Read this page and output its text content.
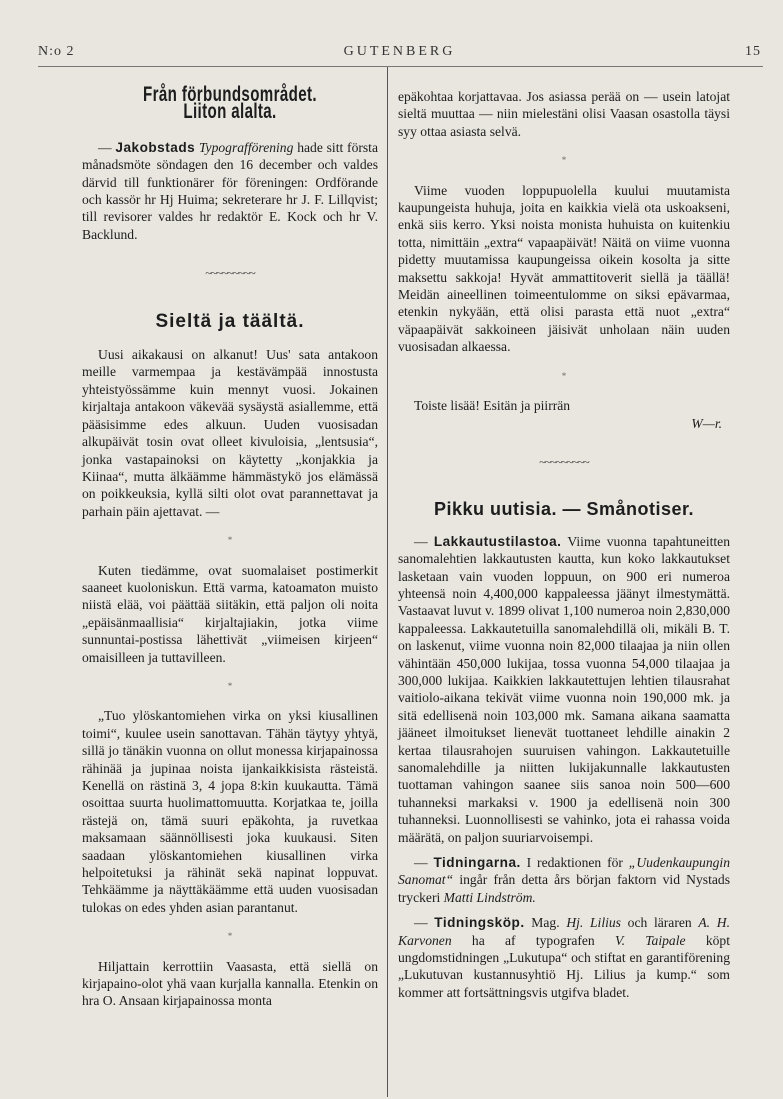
N:o 2	GUTENBERG	15
Från förbundsområdet. Liiton alalta.

— Jakobstads Typografförening hade sitt första månadsmöte söndagen den 16 december och valdes därvid till funktionärer för föreningen: Ordförande och kassör hr Hj Huima; sekreterare hr J. F. Lillqvist; till revisorer valdes hr redaktör E. Kock och hr V. Backlund.

~~~~~~~~~
Sieltä ja täältä.

Uusi aikakausi on alkanut! Uus' sata antakoon meille varmempaa ja kestävämpää innostusta yhteistyössämme kuin mennyt vuosi. Jokainen kirjaltaja antakoon väkevää sysäystä asiallemme, että pääsisimme edes alkuun. Uuden vuosisadan alkupäivät tosin ovat olleet kivuloisia, „lentsusia“, jonka vastapainoksi on käytetty „konjakkia ja Kiinaa“, mutta älkäämme hämmästykö jos elämässä on poikkeuksia, kyllä silti olot ovat parannettavat ja parhain päin ajettavat. —

*

Kuten tiedämme, ovat suomalaiset postimerkit saaneet kuoloniskun. Että varma, katoamaton muisto niistä elää, voi päättää siitäkin, että paljon oli noita „epäisänmaallisia“ kirjaltajiakin, jotka viime sunnuntai-postissa lähettivät „viimeisen kirjeen“ omaisilleen ja tuttavilleen.

*

„Tuo ylöskantomiehen virka on yksi kiusallinen toimi“, kuulee usein sanottavan. Tähän täytyy yhtyä, sillä jo tänäkin vuonna on ollut monessa kirjapainossa rähinää ja jupinaa noista ijankaikkisista rästeistä. Kenellä on rästinä 3, 4 jopa 8:kin kuukautta. Tämä osoittaa suurta huolimattomuutta. Korjatkaa te, joilla rästejä on, tämä suuri epäkohta, ja ruvetkaa maksamaan säännöllisesti joka kuukausi. Siten saadaan ylöskantomiehen kiusallinen virka helpoitetuksi ja rähinät sekä napinat loppuvat. Tehkäämme ja näyttäkäämme että uuden vuosisadan tulokas on edes yhden asian parantanut.

*

Hiljattain kerrottiin Vaasasta, että siellä on kirjapaino-olot yhä vaan kurjalla kannalla. Etenkin on hra O. Ansaan kirjapainossa monta

epäkohtaa korjattavaa. Jos asiassa perää on — usein latojat sieltä muuttaa — niin mielestäni olisi Vaasan osastolla täysi syy ottaa asiasta selvä.

*

Viime vuoden loppupuolella kuului muutamista kaupungeista huhuja, joita en kaikkia vielä ota uskoakseni, enkä siis kerro. Yksi noista monista huhuista on kuitenkiu totta, nimittäin „extra“ vapaapäivät! Näitä on viime vuonna pidetty muutamissa kaupungeissa oikein kosolta ja sitte maksettu sakkoja! Hyvät ammattitoverit siellä ja täällä! Meidän aineellinen toimeentulomme on siksi epävarmaa, etenkin nykyään, että olisi parasta että nuot „extra“ väpaapäivät sakkoineen jäisivät unholaan näin uuden vuosisadan alkaessa.

*

Toiste lisää! Esitän ja piirrän

W—r.
~~~~~~~~~
Pikku uutisia. — Smånotiser.

— Lakkautustilastoa. Viime vuonna tapahtuneitten sanomalehtien lakkautusten kautta, kun koko lakkautukset lasketaan vain vuoden loppuun, on 900 eri numeroa yhteensä noin 4,400,000 kappaleessa jäänyt ilmestymättä. Vastaavat luvut v. 1899 olivat 1,100 numeroa noin 2,830,000 kappaleessa. Lakkautetuilla sanomalehdillä oli, mikäli B. T. on laskenut, viime vuonna noin 82,000 tilaajaa ja niin ollen vähintään 450,000 lukijaa, tossa vuonna 54,000 tilaajaa ja 300,000 lukijaa. Kaikkien lakkautettujen lehtien tilausrahat vaitiolo-aikana tekivät viime vuonna noin 190,000 mk. ja sitä edellisenä noin 103,000 mk. Samana aikana saamatta jääneet ilmoitukset lienevät tuottaneet lehdille ainakin 2 kertaa tilausrahojen suuruisen vahingon. Lakkautetuille sanomalehdille ja niitten lukijakunnalle lakkautusten tuottaman vahingon saanee siis sanoa noin 500—600 tuhanneksi markaksi v. 1900 ja edellisenä noin 300 tuhanneksi. Luonnollisesti se vahinko, jota ei rahassa voida määrätä, on paljon suuriarvoisempi.

— Tidningarna. I redaktionen för „Uudenkaupungin Sanomat“ ingår från detta års början faktorn vid Nystads tryckeri Matti Lindström.

— Tidningsköp. Mag. Hj. Lilius och läraren A. H. Karvonen ha af typografen V. Taipale köpt ungdomstidningen „Lukutupa“ och stiftat en garantiförening „Lukutuvan kustannusyhtiö Hj. Lilius ja kump.“ som kommer att fortsättningsvis utgifva bladet.
